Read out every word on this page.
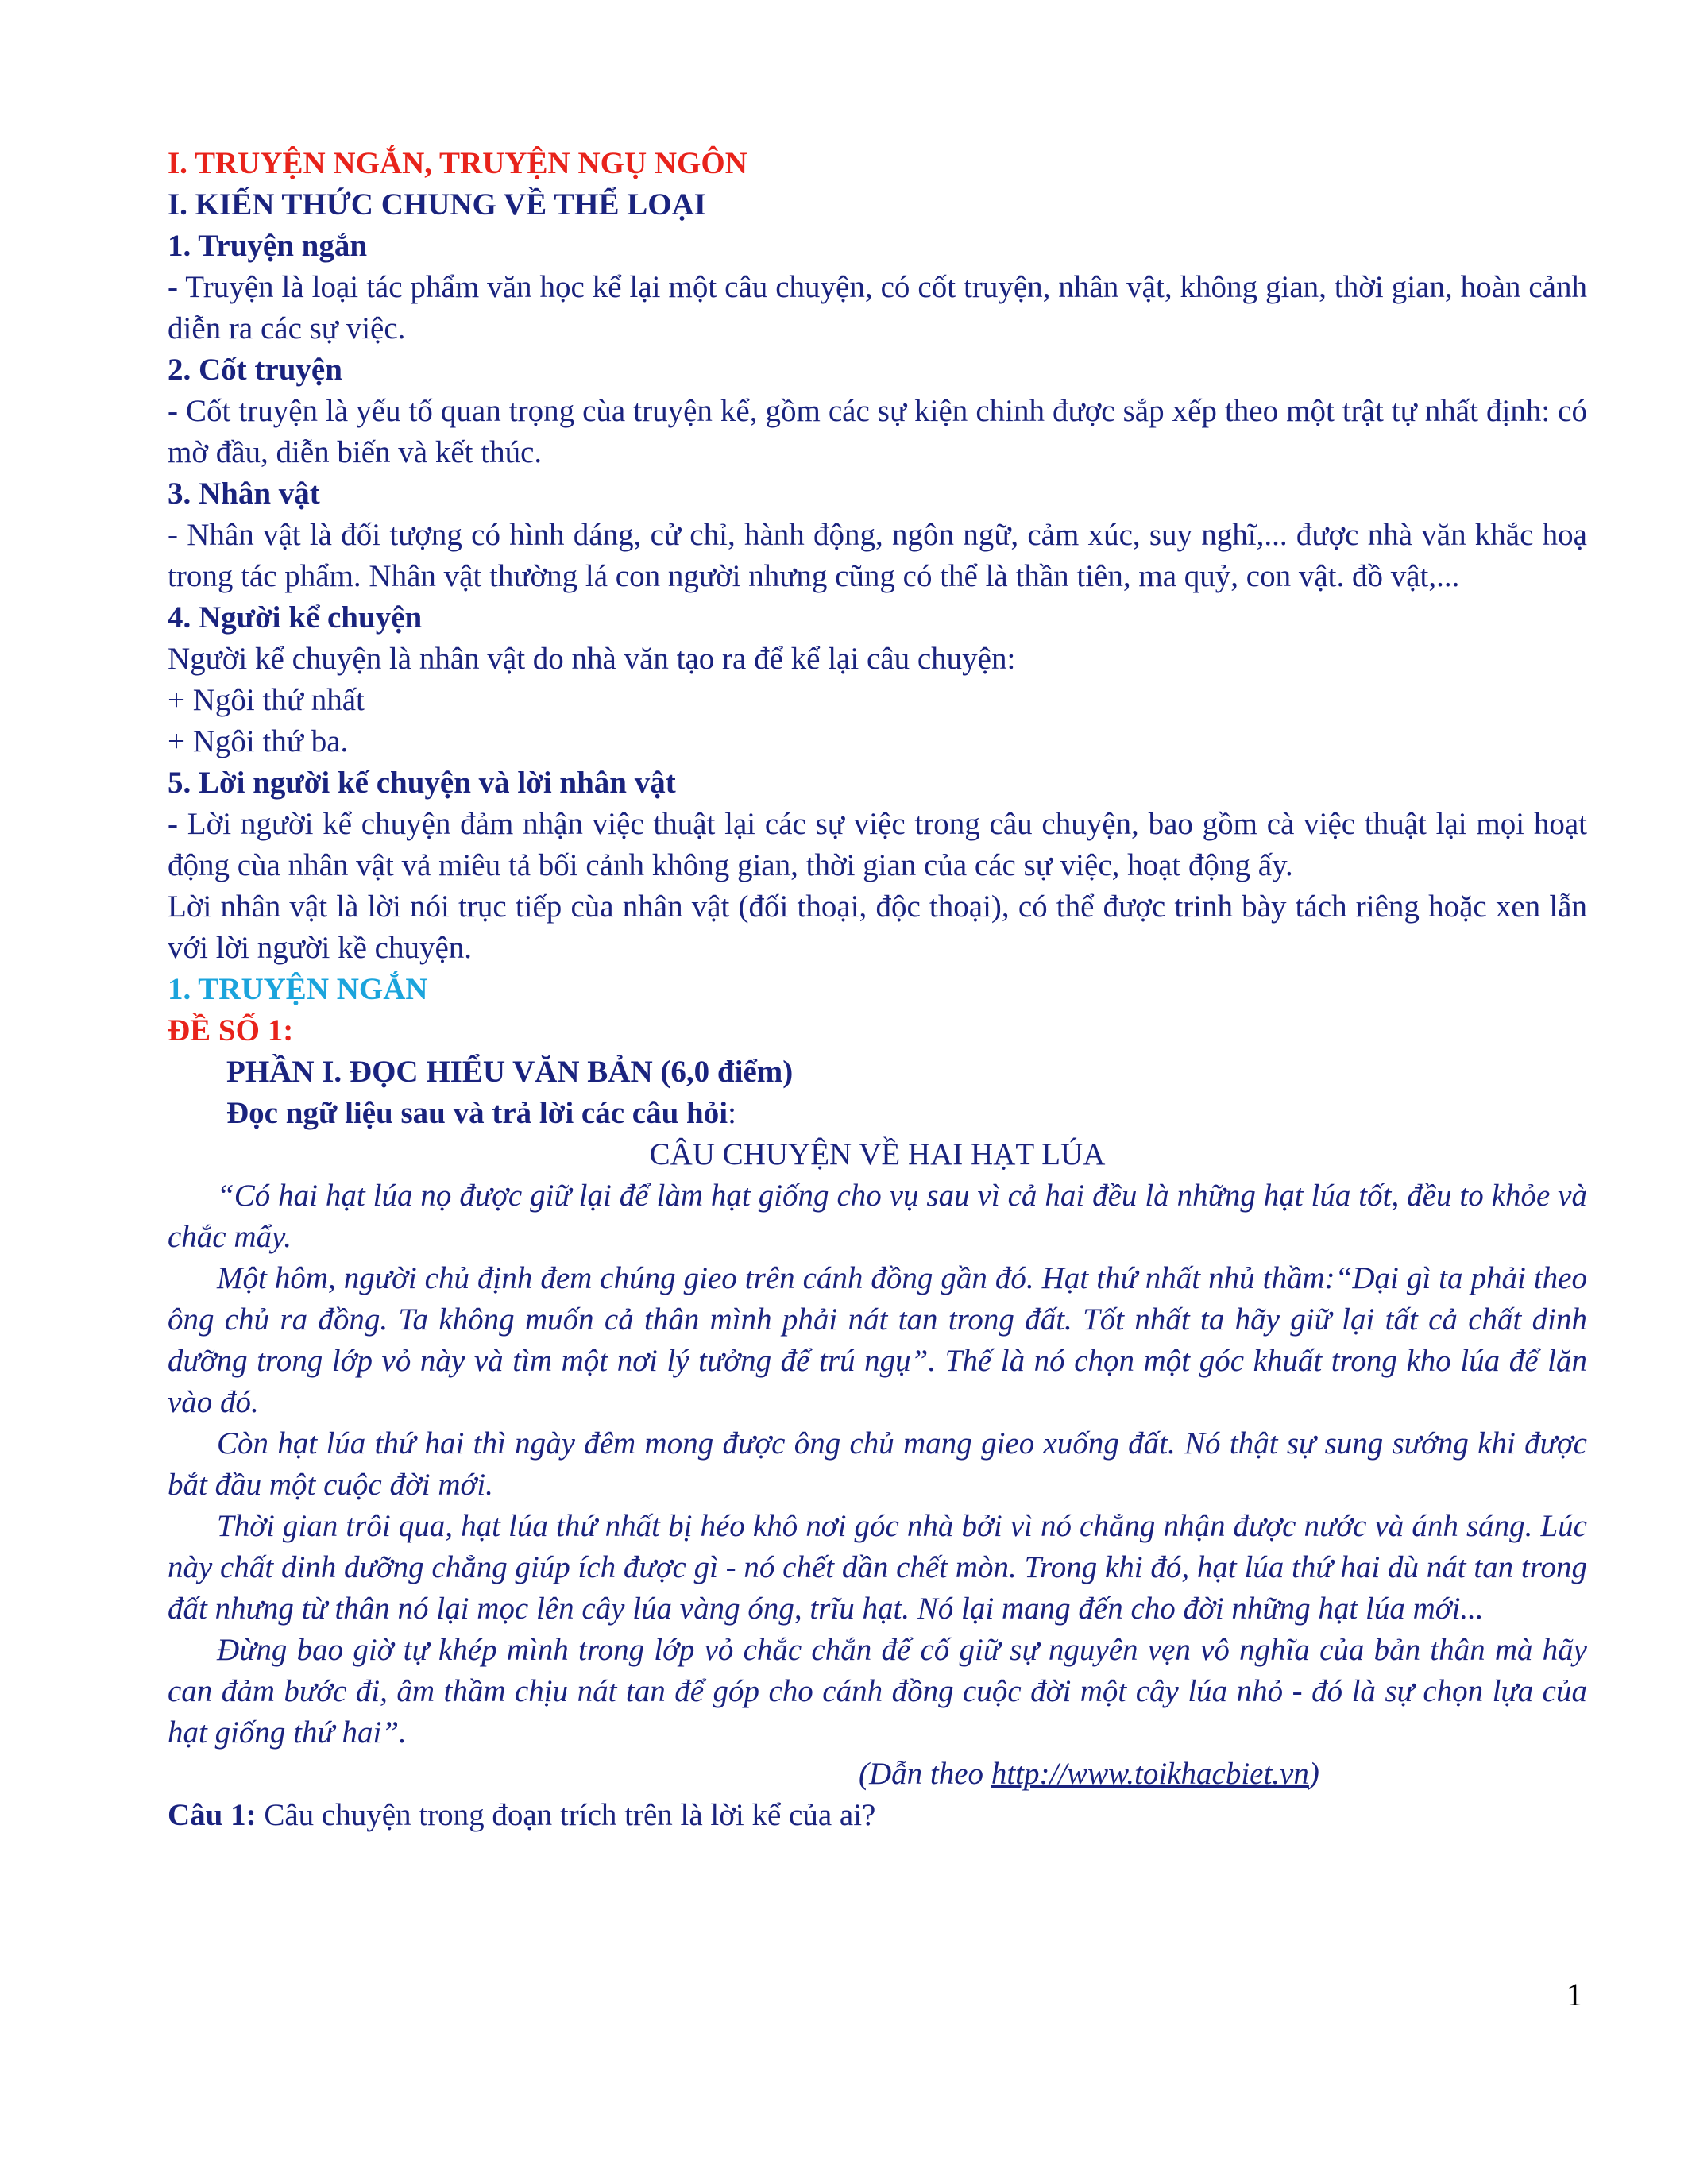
I. TRUYỆN NGẮN, TRUYỆN NGỤ NGÔN

I. KIẾN THỨC CHUNG VỀ THỂ LOẠI

1. Truyện ngắn

- Truyện là loại tác phẩm văn học kể lại một câu chuyện, có cốt truyện, nhân vật, không gian, thời gian, hoàn cảnh diễn ra các sự việc.

2. Cốt truyện

- Cốt truyện là yếu tố quan trọng cùa truyện kể, gồm các sự kiện chinh được sắp xếp theo một trật tự nhất định: có mờ đầu, diễn biến và kết thúc.

3. Nhân vật

- Nhân vật là đối tượng có hình dáng, cử chỉ, hành động, ngôn ngữ, cảm xúc, suy nghĩ,... được nhà văn khắc hoạ trong tác phẩm. Nhân vật thường lá con người nhưng cũng có thể là thần tiên, ma quỷ, con vật. đồ vật,...

4. Người kể chuyện

Người kể chuyện là nhân vật do nhà văn tạo ra để kể lại câu chuyện:

+ Ngôi thứ nhất

+ Ngôi thứ ba.

5. Lời người kế chuyện và lời nhân vật

- Lời người kể chuyện đảm nhận việc thuật lại các sự việc trong câu chuyện, bao gồm cà việc thuật lại mọi hoạt động cùa nhân vật vả miêu tả bối cảnh không gian, thời gian của các sự việc, hoạt động ấy.

Lời nhân vật là lời nói trục tiếp cùa nhân vật (đối thoại, độc thoại), có thể được trinh bày tách riêng hoặc xen lẫn với lời người kề chuyện.

1. TRUYỆN NGẮN

ĐỀ SỐ 1:

PHẦN I. ĐỌC HIỂU VĂN BẢN (6,0 điểm)

Đọc ngữ liệu sau và trả lời các câu hỏi:

CÂU CHUYỆN VỀ HAI HẠT LÚA

“Có hai hạt lúa nọ được giữ lại để làm hạt giống cho vụ sau vì cả hai đều là những hạt lúa tốt, đều to khỏe và chắc mẩy.

Một hôm, người chủ định đem chúng gieo trên cánh đồng gần đó. Hạt thứ nhất nhủ thầm:“Dại gì ta phải theo ông chủ ra đồng. Ta không muốn cả thân mình phải nát tan trong đất. Tốt nhất ta hãy giữ lại tất cả chất dinh dưỡng trong lớp vỏ này và tìm một nơi lý tưởng để trú ngụ”. Thế là nó chọn một góc khuất trong kho lúa để lăn vào đó.

Còn hạt lúa thứ hai thì ngày đêm mong được ông chủ mang gieo xuống đất. Nó thật sự sung sướng khi được bắt đầu một cuộc đời mới.

Thời gian trôi qua, hạt lúa thứ nhất bị héo khô nơi góc nhà bởi vì nó chẳng nhận được nước và ánh sáng. Lúc này chất dinh dưỡng chẳng giúp ích được gì - nó chết dần chết mòn. Trong khi đó, hạt lúa thứ hai dù nát tan trong đất nhưng từ thân nó lại mọc lên cây lúa vàng óng, trĩu hạt. Nó lại mang đến cho đời những hạt lúa mới...

Đừng bao giờ tự khép mình trong lớp vỏ chắc chắn để cố giữ sự nguyên vẹn vô nghĩa của bản thân mà hãy can đảm bước đi, âm thầm chịu nát tan để góp cho cánh đồng cuộc đời một cây lúa nhỏ - đó là sự chọn lựa của hạt giống thứ hai”.

(Dẫn theo http://www.toikhacbiet.vn)

Câu 1: Câu chuyện trong đoạn trích trên là lời kể của ai?

1
